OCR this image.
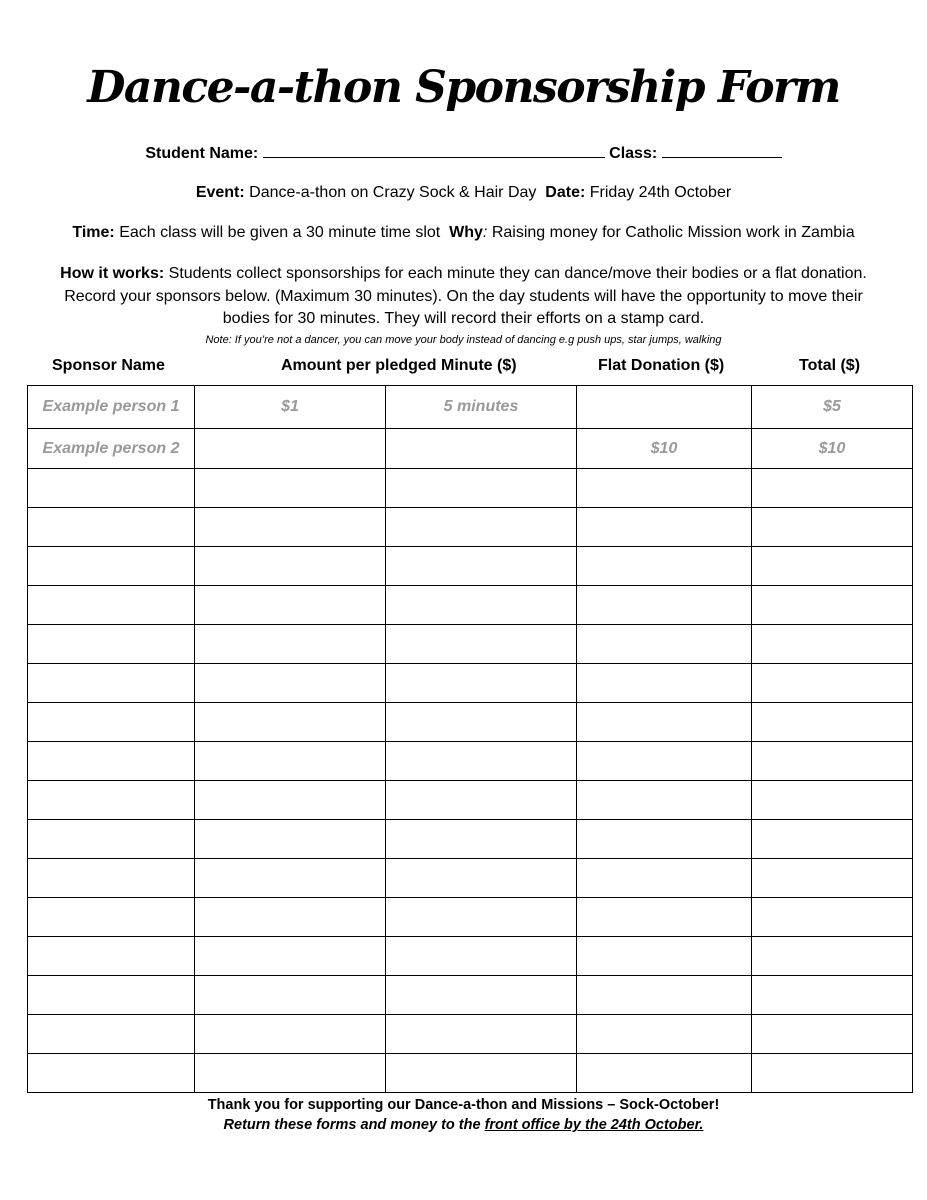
Dance-a-thon Sponsorship Form
Student Name:	Class:
Event: Dance-a-thon on Crazy Sock & Hair Day Date: Friday 24th October
Time: Each class will be given a 30 minute time slot Why: Raising money for Catholic Mission work in Zambia
How it works: Students collect sponsorships for each minute they can dance/move their bodies or a flat donation. Record your sponsors below. (Maximum 30 minutes). On the day students will have the opportunity to move their bodies for 30 minutes. They will record their efforts on a stamp card.
Note: If you’re not a dancer, you can move your body instead of dancing e.g push ups, star jumps, walking
Sponsor Name	Amount per pledged Minute ($)	Flat Donation ($)	Total ($)
Example person 1	$1	5 minutes		$5
Example person 2			$10	$10

Thank you for supporting our Dance-a-thon and Missions – Sock-October!
Return these forms and money to the front office by the 24th October.
